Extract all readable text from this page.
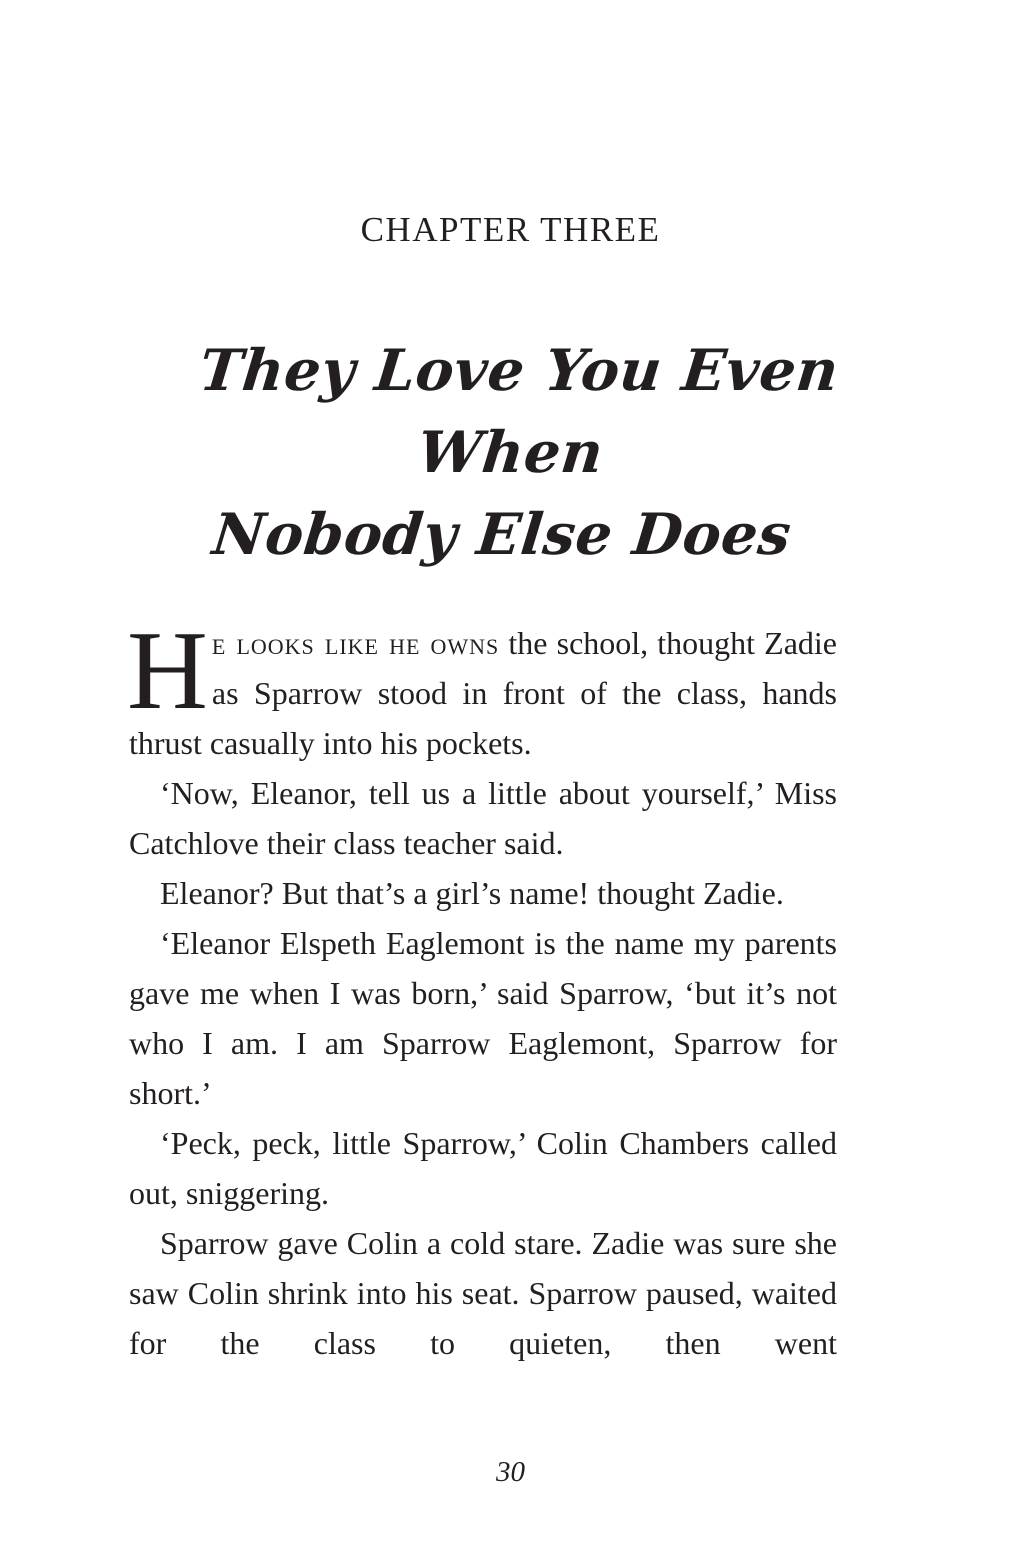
CHAPTER THREE
They Love You Even When
Nobody Else Does

He looks like he owns the school, thought Zadie as Sparrow stood in front of the class, hands thrust casually into his pockets.

‘Now, Eleanor, tell us a little about yourself,’ Miss Catchlove their class teacher said.

Eleanor? But that’s a girl’s name! thought Zadie.

‘Eleanor Elspeth Eaglemont is the name my parents gave me when I was born,’ said Sparrow, ‘but it’s not who I am. I am Sparrow Eaglemont, Sparrow for short.’

‘Peck, peck, little Sparrow,’ Colin Chambers called out, sniggering.

Sparrow gave Colin a cold stare. Zadie was sure she saw Colin shrink into his seat. Sparrow paused, waited for the class to quieten, then went

30
